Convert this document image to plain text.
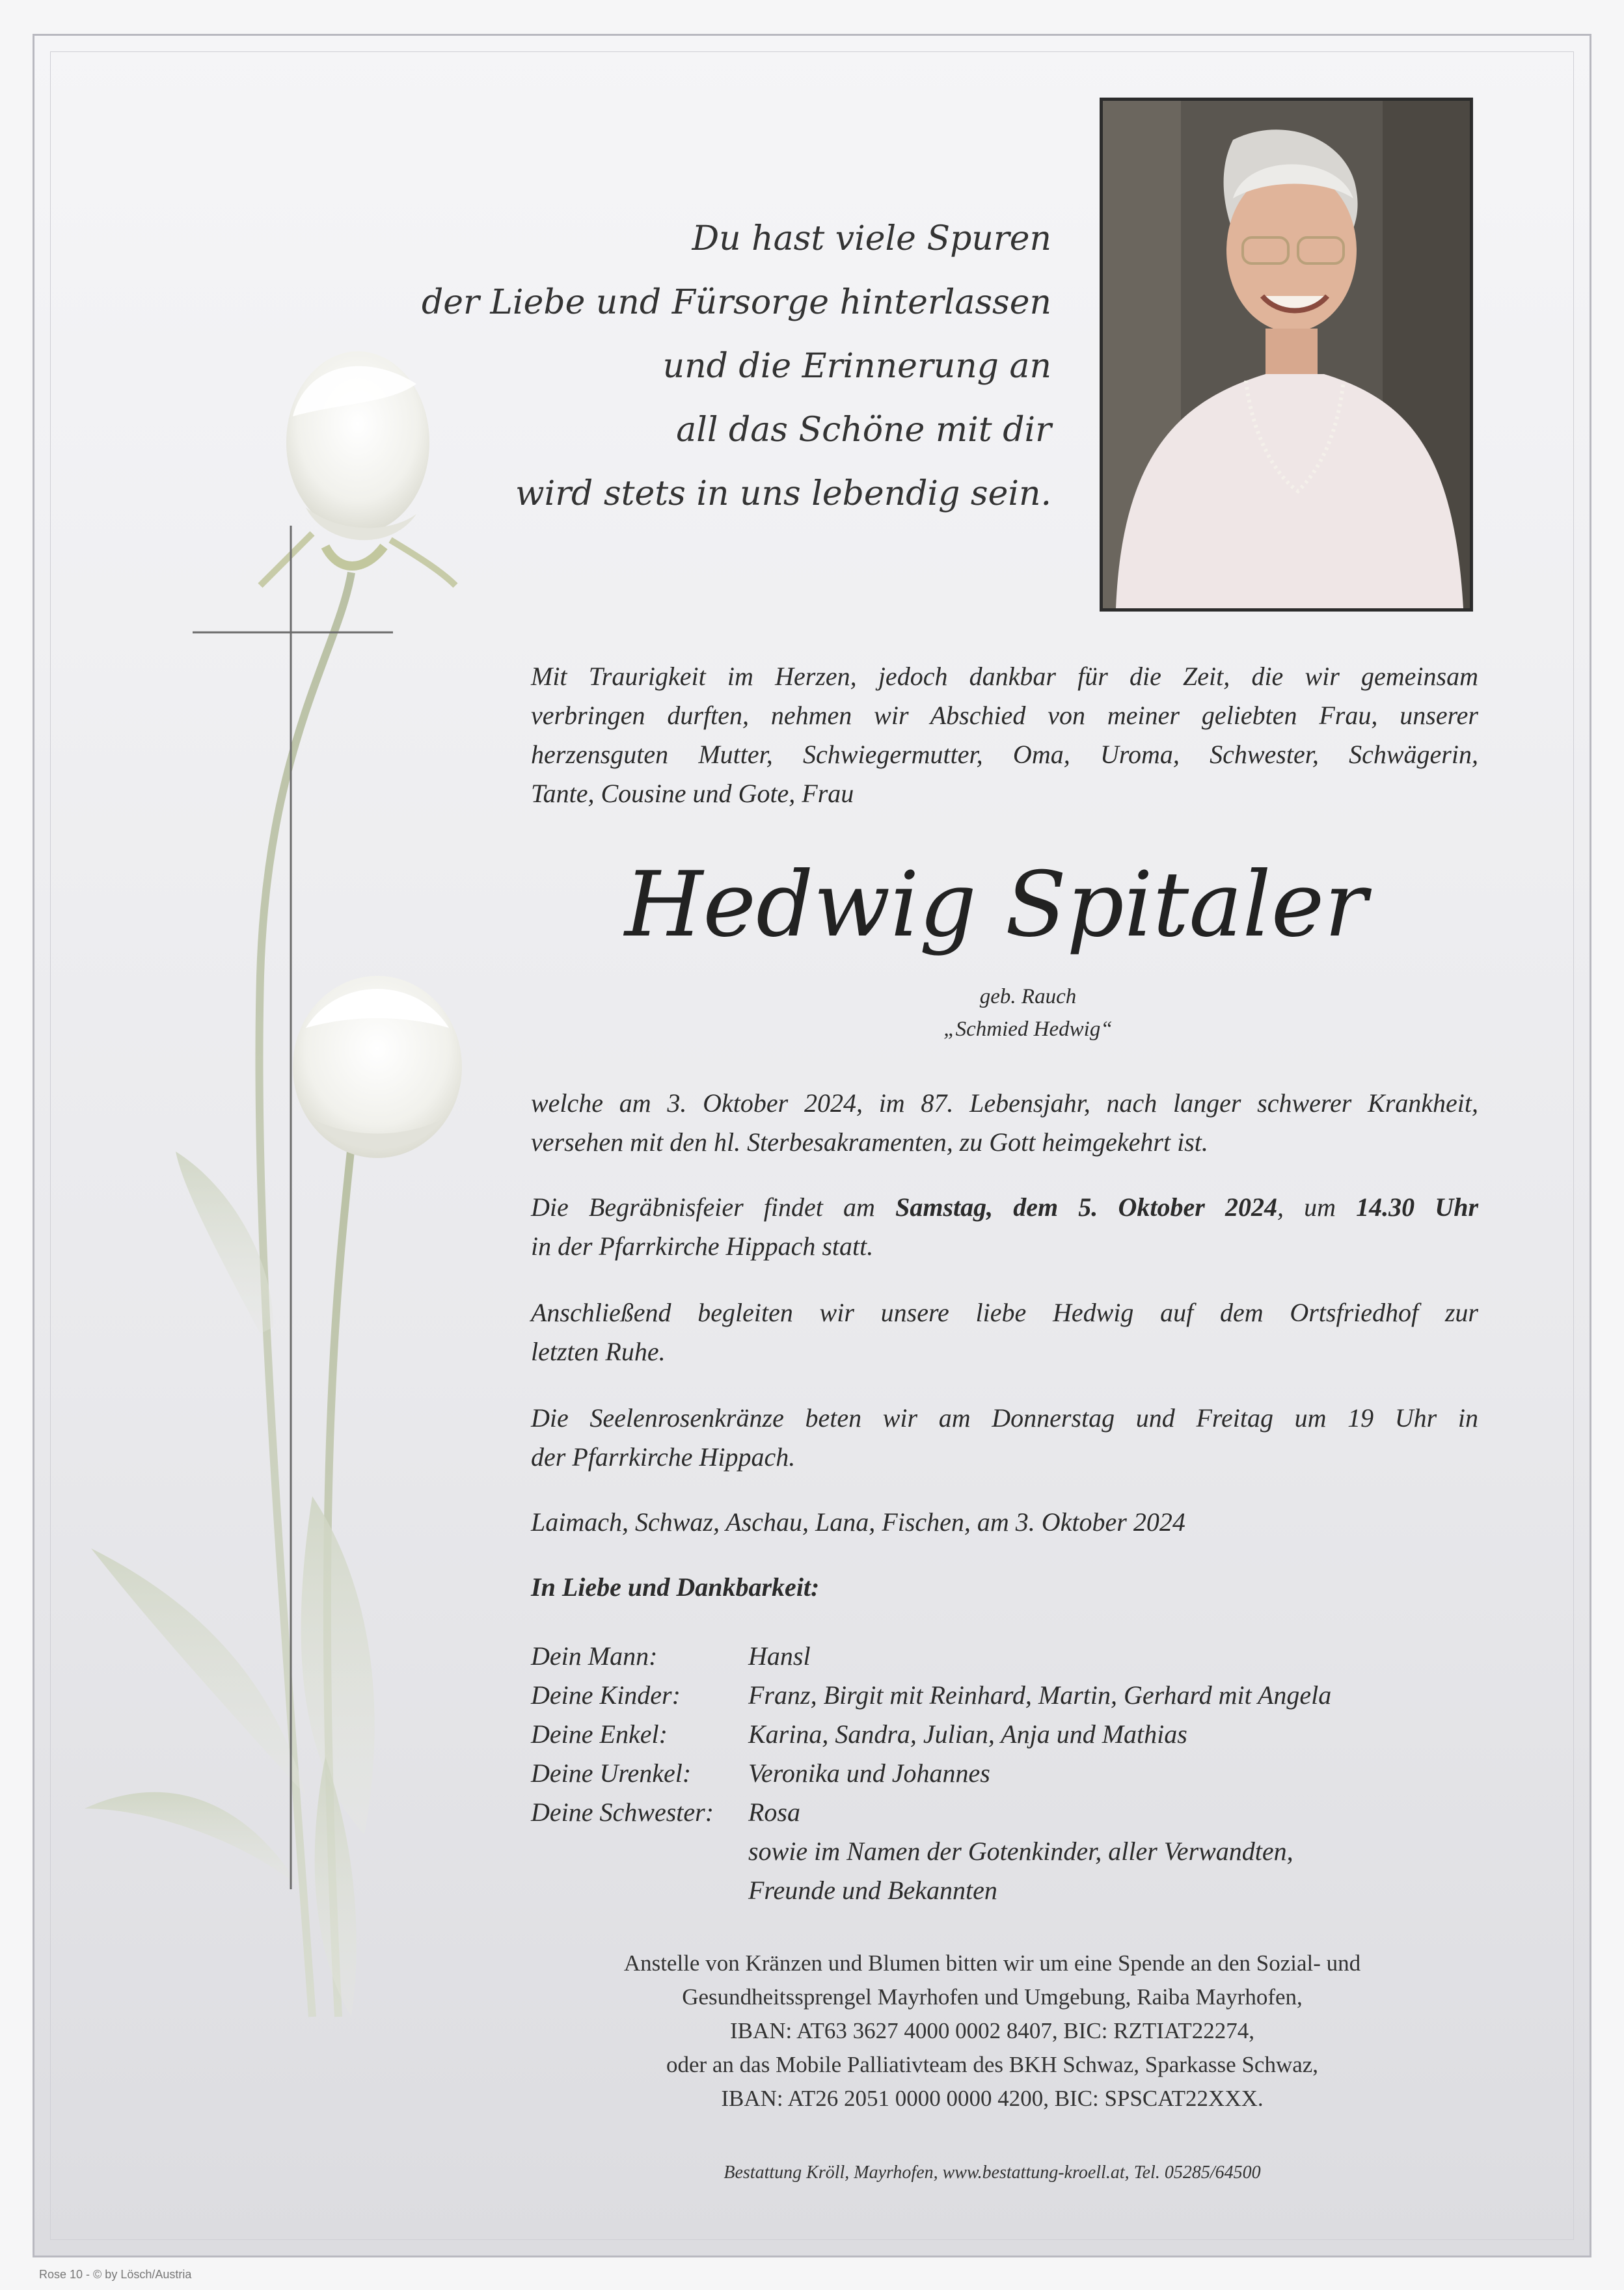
Du hast viele Spuren
der Liebe und Fürsorge hinterlassen
und die Erinnerung an
all das Schöne mit dir
wird stets in uns lebendig sein.
Mit Traurigkeit im Herzen, jedoch dankbar für die Zeit, die wir gemeinsam
verbringen durften, nehmen wir Abschied von meiner geliebten Frau, unserer
herzensguten Mutter, Schwiegermutter, Oma, Uroma, Schwester, Schwägerin,
Tante, Cousine und Gote, Frau
Hedwig Spitaler
geb. Rauch
„Schmied Hedwig“
welche am 3. Oktober 2024, im 87. Lebensjahr, nach langer schwerer Krankheit,
versehen mit den hl. Sterbesakramenten, zu Gott heimgekehrt ist.
Die Begräbnisfeier findet am Samstag, dem 5. Oktober 2024, um 14.30 Uhr
in der Pfarrkirche Hippach statt.
Anschließend begleiten wir unsere liebe Hedwig auf dem Ortsfriedhof zur
letzten Ruhe.
Die Seelenrosenkränze beten wir am Donnerstag und Freitag um 19 Uhr in
der Pfarrkirche Hippach.
Laimach, Schwaz, Aschau, Lana, Fischen, am 3. Oktober 2024
In Liebe und Dankbarkeit:
Dein Mann:	Hansl
Deine Kinder:	Franz, Birgit mit Reinhard, Martin, Gerhard mit Angela
Deine Enkel:	Karina, Sandra, Julian, Anja und Mathias
Deine Urenkel:	Veronika und Johannes
Deine Schwester:	Rosa
sowie im Namen der Gotenkinder, aller Verwandten,
Freunde und Bekannten
Anstelle von Kränzen und Blumen bitten wir um eine Spende an den Sozial- und
Gesundheitssprengel Mayrhofen und Umgebung, Raiba Mayrhofen,
IBAN: AT63 3627 4000 0002 8407, BIC: RZTIAT22274,
oder an das Mobile Palliativteam des BKH Schwaz, Sparkasse Schwaz,
IBAN: AT26 2051 0000 0000 4200, BIC: SPSCAT22XXX.
Bestattung Kröll, Mayrhofen, www.bestattung-kroell.at, Tel. 05285/64500
Rose 10 - © by Lösch/Austria
